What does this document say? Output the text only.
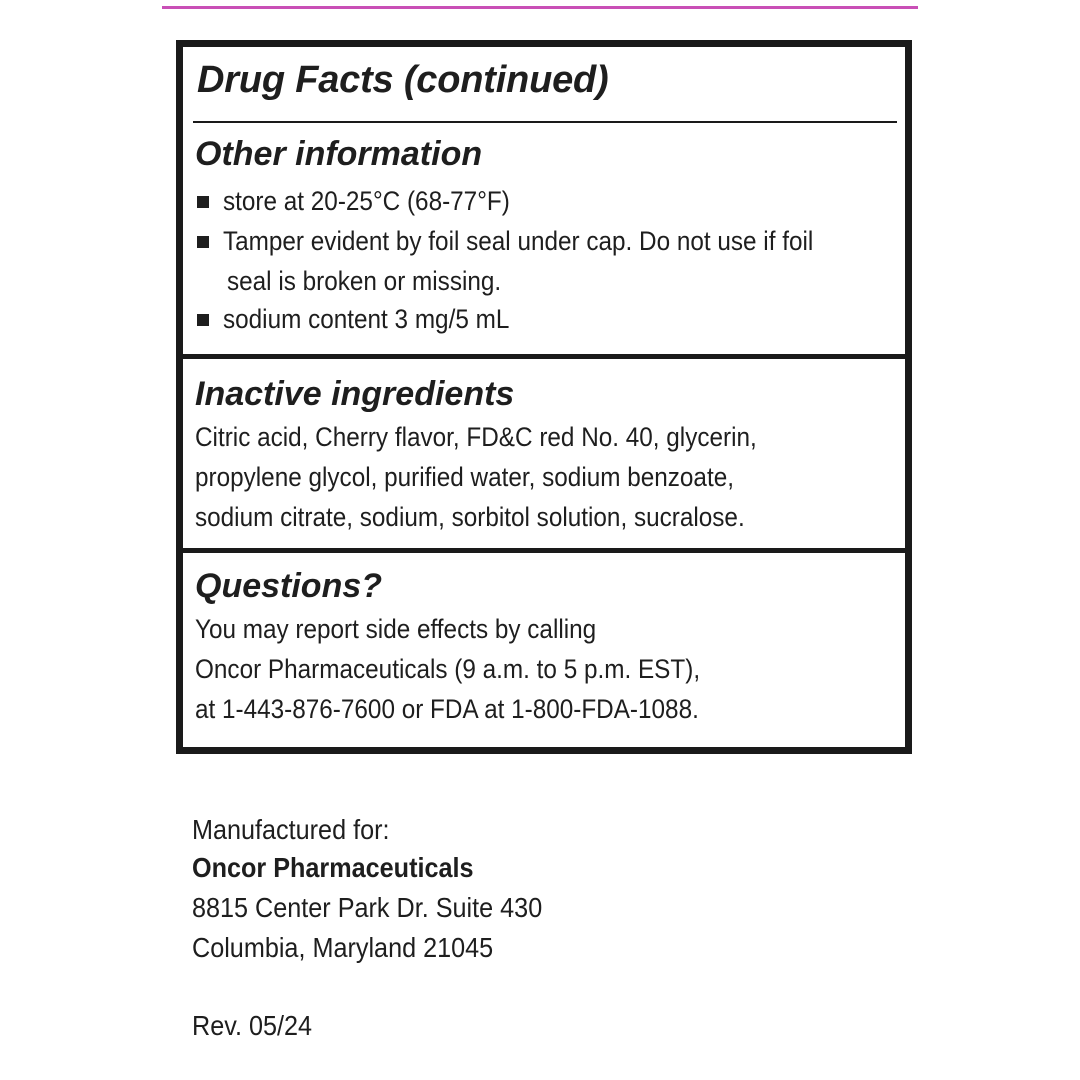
Drug Facts (continued)
Other information
store at 20-25°C (68-77°F)
Tamper evident by foil seal under cap. Do not use if foil
seal is broken or missing.
sodium content 3 mg/5 mL
Inactive ingredients
Citric acid, Cherry flavor, FD&C red No. 40, glycerin,
propylene glycol, purified water, sodium benzoate,
sodium citrate, sodium, sorbitol solution, sucralose.
Questions?
You may report side effects by calling
Oncor Pharmaceuticals (9 a.m. to 5 p.m. EST),
at 1-443-876-7600 or FDA at 1-800-FDA-1088.
Manufactured for:
Oncor Pharmaceuticals
8815 Center Park Dr. Suite 430
Columbia, Maryland 21045
Rev. 05/24
